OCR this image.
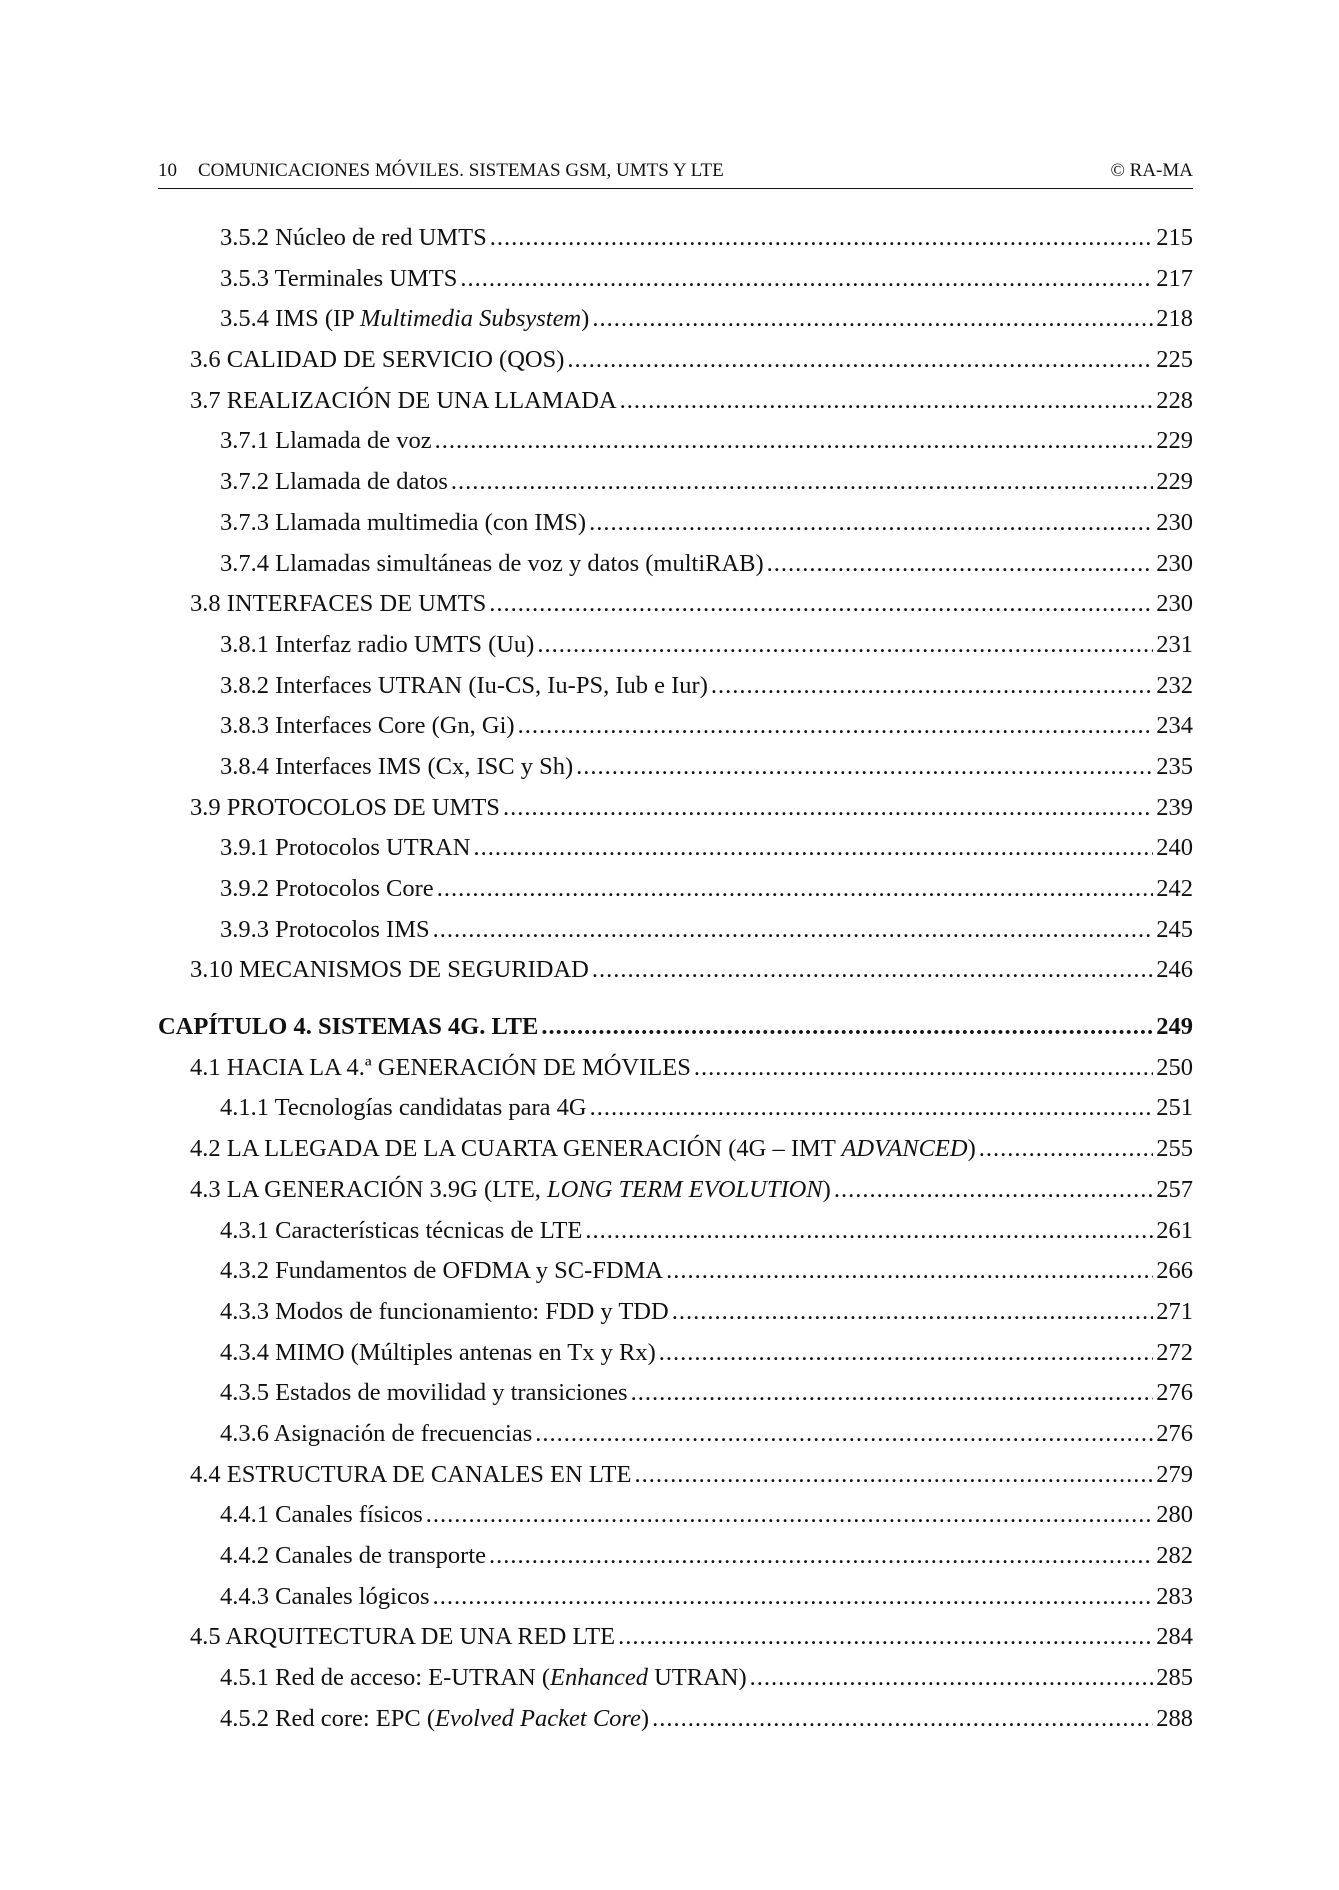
10 COMUNICACIONES MÓVILES. SISTEMAS GSM, UMTS Y LTE	© RA-MA
3.5.2 Núcleo de red UMTS .....	215
3.5.3 Terminales UMTS .....	217
3.5.4 IMS (IP Multimedia Subsystem) .....	218
3.6 CALIDAD DE SERVICIO (QOS) .....	225
3.7 REALIZACIÓN DE UNA LLAMADA .....	228
3.7.1 Llamada de voz .....	229
3.7.2 Llamada de datos .....	229
3.7.3 Llamada multimedia (con IMS) .....	230
3.7.4 Llamadas simultáneas de voz y datos (multiRAB) .....	230
3.8 INTERFACES DE UMTS .....	230
3.8.1 Interfaz radio UMTS (Uu) .....	231
3.8.2 Interfaces UTRAN (Iu-CS, Iu-PS, Iub e Iur) .....	232
3.8.3 Interfaces Core (Gn, Gi) .....	234
3.8.4 Interfaces IMS (Cx, ISC y Sh) .....	235
3.9 PROTOCOLOS DE UMTS .....	239
3.9.1 Protocolos UTRAN .....	240
3.9.2 Protocolos Core .....	242
3.9.3 Protocolos IMS .....	245
3.10 MECANISMOS DE SEGURIDAD .....	246
CAPÍTULO 4. SISTEMAS 4G. LTE .....	249
4.1 HACIA LA 4.ª GENERACIÓN DE MÓVILES .....	250
4.1.1 Tecnologías candidatas para 4G .....	251
4.2 LA LLEGADA DE LA CUARTA GENERACIÓN (4G – IMT ADVANCED) .....	255
4.3 LA GENERACIÓN 3.9G (LTE, LONG TERM EVOLUTION) .....	257
4.3.1 Características técnicas de LTE .....	261
4.3.2 Fundamentos de OFDMA y SC-FDMA .....	266
4.3.3 Modos de funcionamiento: FDD y TDD .....	271
4.3.4 MIMO (Múltiples antenas en Tx y Rx) .....	272
4.3.5 Estados de movilidad y transiciones .....	276
4.3.6 Asignación de frecuencias .....	276
4.4 ESTRUCTURA DE CANALES EN LTE .....	279
4.4.1 Canales físicos .....	280
4.4.2 Canales de transporte .....	282
4.4.3 Canales lógicos .....	283
4.5 ARQUITECTURA DE UNA RED LTE .....	284
4.5.1 Red de acceso: E-UTRAN (Enhanced UTRAN) .....	285
4.5.2 Red core: EPC (Evolved Packet Core) .....	288
